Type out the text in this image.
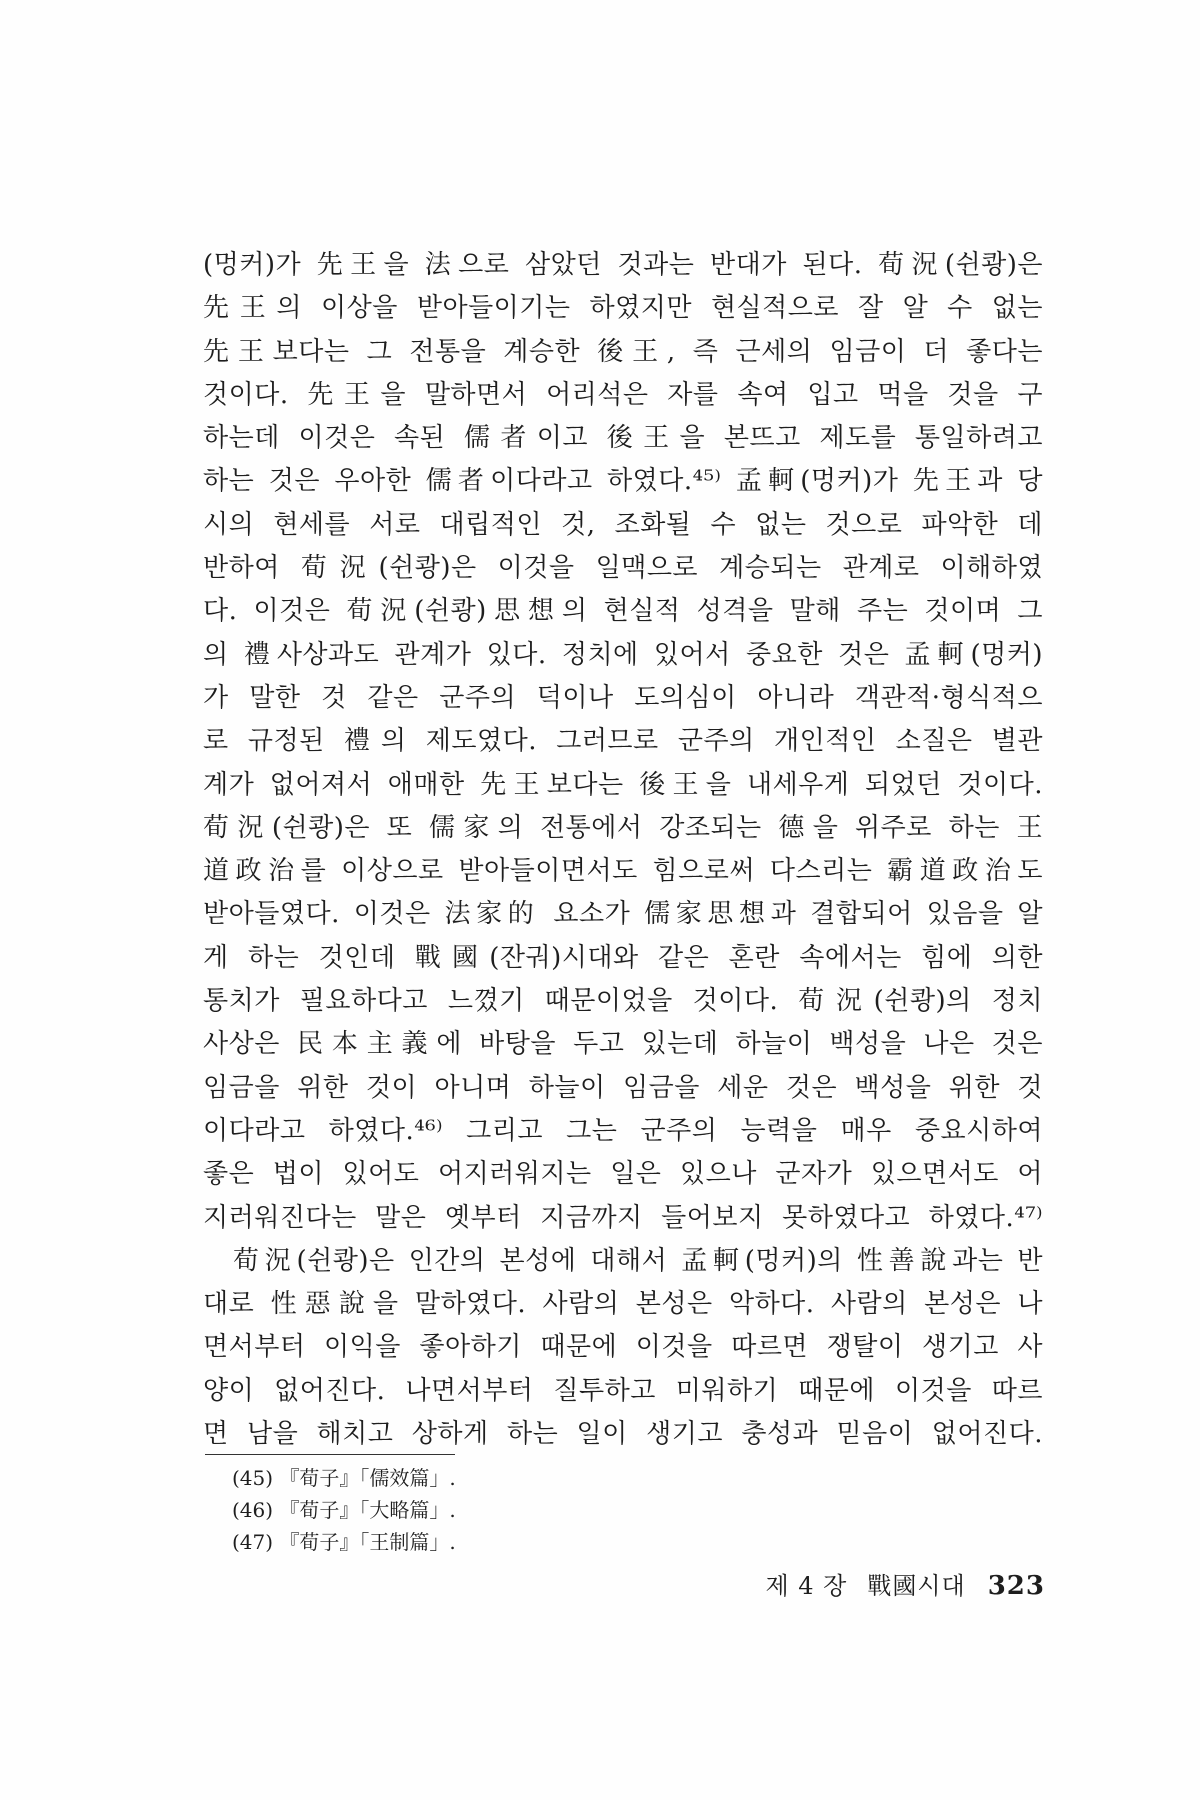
(멍커)가 先王을 法으로 삼았던 것과는 반대가 된다. 荀況(쉰쾅)은
先王의 이상을 받아들이기는 하였지만 현실적으로 잘 알 수 없는
先王보다는 그 전통을 계승한 後王, 즉 근세의 임금이 더 좋다는
것이다. 先王을 말하면서 어리석은 자를 속여 입고 먹을 것을 구
하는데 이것은 속된 儒者이고 後王을 본뜨고 제도를 통일하려고
하는 것은 우아한 儒者이다라고 하였다.⁴⁵⁾ 孟軻(멍커)가 先王과 당
시의 현세를 서로 대립적인 것, 조화될 수 없는 것으로 파악한 데
반하여 荀況(쉰쾅)은 이것을 일맥으로 계승되는 관계로 이해하였
다. 이것은 荀況(쉰쾅)思想의 현실적 성격을 말해 주는 것이며 그
의 禮사상과도 관계가 있다. 정치에 있어서 중요한 것은 孟軻(멍커)
가 말한 것 같은 군주의 덕이나 도의심이 아니라 객관적·형식적으
로 규정된 禮의 제도였다. 그러므로 군주의 개인적인 소질은 별관
계가 없어져서 애매한 先王보다는 後王을 내세우게 되었던 것이다.
荀況(쉰쾅)은 또 儒家의 전통에서 강조되는 德을 위주로 하는 王
道政治를 이상으로 받아들이면서도 힘으로써 다스리는 霸道政治도
받아들였다. 이것은 法家的 요소가 儒家思想과 결합되어 있음을 알
게 하는 것인데 戰國(잔궈)시대와 같은 혼란 속에서는 힘에 의한
통치가 필요하다고 느꼈기 때문이었을 것이다. 荀況(쉰쾅)의 정치
사상은 民本主義에 바탕을 두고 있는데 하늘이 백성을 나은 것은
임금을 위한 것이 아니며 하늘이 임금을 세운 것은 백성을 위한 것
이다라고 하였다.⁴⁶⁾ 그리고 그는 군주의 능력을 매우 중요시하여
좋은 법이 있어도 어지러워지는 일은 있으나 군자가 있으면서도 어
지러워진다는 말은 옛부터 지금까지 들어보지 못하였다고 하였다.⁴⁷⁾
荀況(쉰쾅)은 인간의 본성에 대해서 孟軻(멍커)의 性善說과는 반
대로 性惡說을 말하였다. 사람의 본성은 악하다. 사람의 본성은 나
면서부터 이익을 좋아하기 때문에 이것을 따르면 쟁탈이 생기고 사
양이 없어진다. 나면서부터 질투하고 미워하기 때문에 이것을 따르
면 남을 해치고 상하게 하는 일이 생기고 충성과 믿음이 없어진다.
(45) 『荀子』「儒效篇」.
(46) 『荀子』「大略篇」.
(47) 『荀子』「王制篇」.
제 4 장 戰國시대 323
